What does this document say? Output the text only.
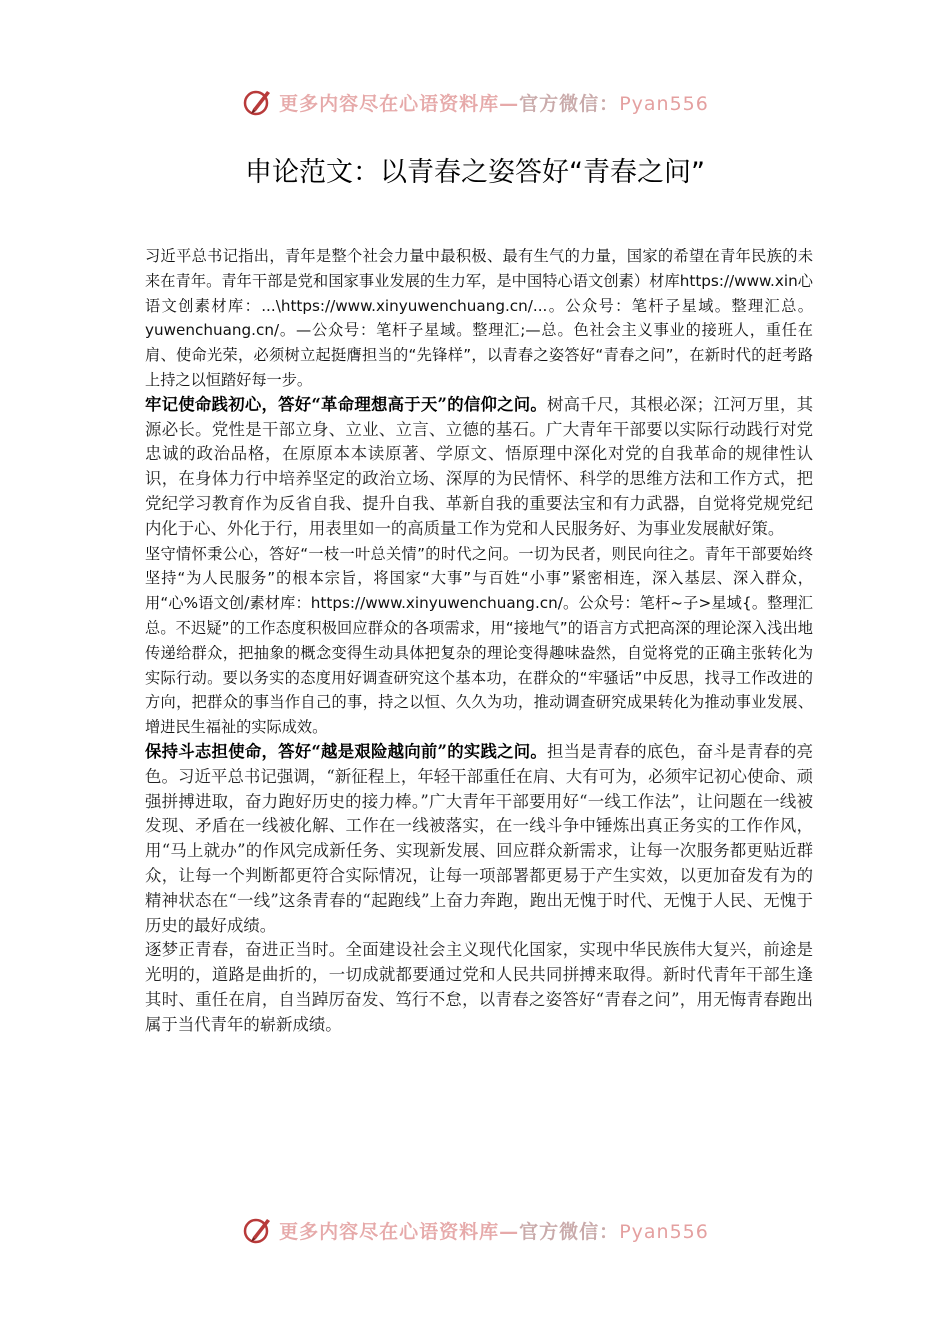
更多内容尽在心语资料库—官方微信：Pyan556
申论范文：以青春之姿答好“青春之问”

习近平总书记指出，青年是整个社会力量中最积极、最有生气的力量，国家的希望在青年民族的未来在青年。青年干部是党和国家事业发展的生力军，是中国特心语文创素）材库https://www.xin心语文创素材库：...\https://www.xinyuwenchuang.cn/...。公众号：笔杆子星域。整理汇总。yuwenchuang.cn/。—公众号：笔杆子星域。整理汇;—总。色社会主义事业的接班人，重任在肩、使命光荣，必须树立起挺膺担当的“先锋样”，以青春之姿答好“青春之问”，在新时代的赶考路上持之以恒踏好每一步。

牢记使命践初心，答好“革命理想高于天”的信仰之问。树高千尺，其根必深；江河万里，其源必长。党性是干部立身、立业、立言、立德的基石。广大青年干部要以实际行动践行对党忠诚的政治品格，在原原本本读原著、学原文、悟原理中深化对党的自我革命的规律性认识，在身体力行中培养坚定的政治立场、深厚的为民情怀、科学的思维方法和工作方式，把党纪学习教育作为反省自我、提升自我、革新自我的重要法宝和有力武器，自觉将党规党纪内化于心、外化于行，用表里如一的高质量工作为党和人民服务好、为事业发展献好策。

坚守情怀秉公心，答好“一枝一叶总关情”的时代之问。一切为民者，则民向往之。青年干部要始终坚持“为人民服务”的根本宗旨，将国家“大事”与百姓“小事”紧密相连，深入基层、深入群众，用“心%语文创/素材库：https://www.xinyuwenchuang.cn/。公众号：笔杆~子>星域{。整理汇总。不迟疑”的工作态度积极回应群众的各项需求，用“接地气”的语言方式把高深的理论深入浅出地传递给群众，把抽象的概念变得生动具体把复杂的理论变得趣味盎然，自觉将党的正确主张转化为实际行动。要以务实的态度用好调查研究这个基本功，在群众的“牢骚话”中反思，找寻工作改进的方向，把群众的事当作自己的事，持之以恒、久久为功，推动调查研究成果转化为推动事业发展、增进民生福祉的实际成效。

保持斗志担使命，答好“越是艰险越向前”的实践之问。担当是青春的底色，奋斗是青春的亮色。习近平总书记强调，“新征程上，年轻干部重任在肩、大有可为，必须牢记初心使命、顽强拼搏进取，奋力跑好历史的接力棒。”广大青年干部要用好“一线工作法”，让问题在一线被发现、矛盾在一线被化解、工作在一线被落实，在一线斗争中锤炼出真正务实的工作作风，用“马上就办”的作风完成新任务、实现新发展、回应群众新需求，让每一次服务都更贴近群众，让每一个判断都更符合实际情况，让每一项部署都更易于产生实效，以更加奋发有为的精神状态在“一线”这条青春的“起跑线”上奋力奔跑，跑出无愧于时代、无愧于人民、无愧于历史的最好成绩。

逐梦正青春，奋进正当时。全面建设社会主义现代化国家，实现中华民族伟大复兴，前途是光明的，道路是曲折的，一切成就都要通过党和人民共同拼搏来取得。新时代青年干部生逢其时、重任在肩，自当踔厉奋发、笃行不怠，以青春之姿答好“青春之问”，用无悔青春跑出属于当代青年的崭新成绩。

更多内容尽在心语资料库—官方微信：Pyan556
